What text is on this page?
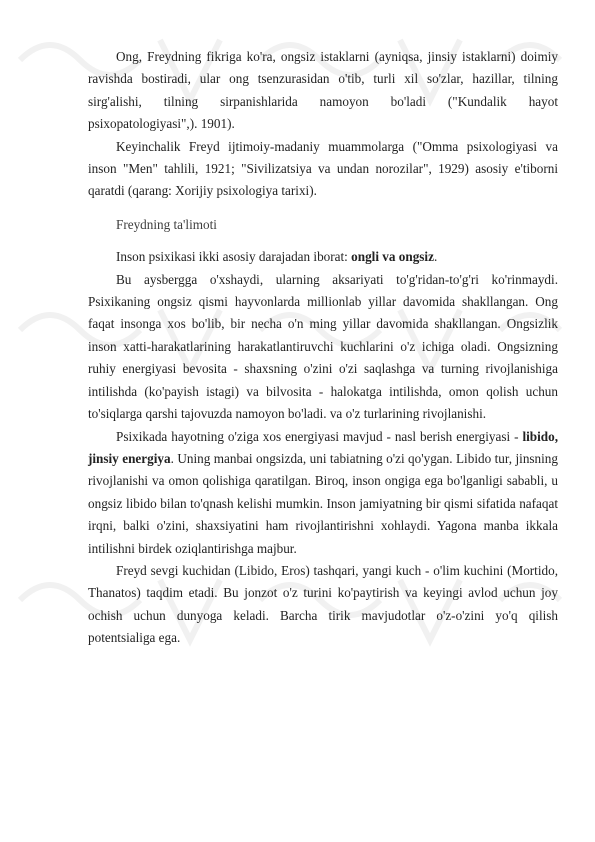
Ong, Freydning fikriga ko'ra, ongsiz istaklarni (ayniqsa, jinsiy istaklarni) doimiy ravishda bostiradi, ular ong tsenzurasidan o'tib, turli xil so'zlar, hazillar, tilning sirg'alishi, tilning sirpanishlarida namoyon bo'ladi ("Kundalik hayot psixopatologiyasi",). 1901).

Keyinchalik Freyd ijtimoiy-madaniy muammolarga ("Omma psixologiyasi va inson "Men" tahlili, 1921; "Sivilizatsiya va undan norozilar", 1929) asosiy e'tiborni qaratdi (qarang: Xorijiy psixologiya tarixi).

Freydning ta'limoti

Inson psixikasi ikki asosiy darajadan iborat: ongli va ongsiz.

Bu aysbergga o'xshaydi, ularning aksariyati to'g'ridan-to'g'ri ko'rinmaydi. Psixikaning ongsiz qismi hayvonlarda millionlab yillar davomida shakllangan. Ong faqat insonga xos bo'lib, bir necha o'n ming yillar davomida shakllangan. Ongsizlik inson xatti-harakatlarining harakatlantiruvchi kuchlarini o'z ichiga oladi. Ongsizning ruhiy energiyasi bevosita - shaxsning o'zini o'zi saqlashga va turning rivojlanishiga intilishda (ko'payish istagi) va bilvosita - halokatga intilishda, omon qolish uchun to'siqlarga qarshi tajovuzda namoyon bo'ladi. va o'z turlarining rivojlanishi.

Psixikada hayotning o'ziga xos energiyasi mavjud - nasl berish energiyasi - libido, jinsiy energiya. Uning manbai ongsizda, uni tabiatning o'zi qo'ygan. Libido tur, jinsning rivojlanishi va omon qolishiga qaratilgan. Biroq, inson ongiga ega bo'lganligi sababli, u ongsiz libido bilan to'qnash kelishi mumkin. Inson jamiyatning bir qismi sifatida nafaqat irqni, balki o'zini, shaxsiyatini ham rivojlantirishni xohlaydi. Yagona manba ikkala intilishni birdek oziqlantirishga majbur.

Freyd sevgi kuchidan (Libido, Eros) tashqari, yangi kuch - o'lim kuchini (Mortido, Thanatos) taqdim etadi. Bu jonzot o'z turini ko'paytirish va keyingi avlod uchun joy ochish uchun dunyoga keladi. Barcha tirik mavjudotlar o'z-o'zini yo'q qilish potentsialiga ega.
